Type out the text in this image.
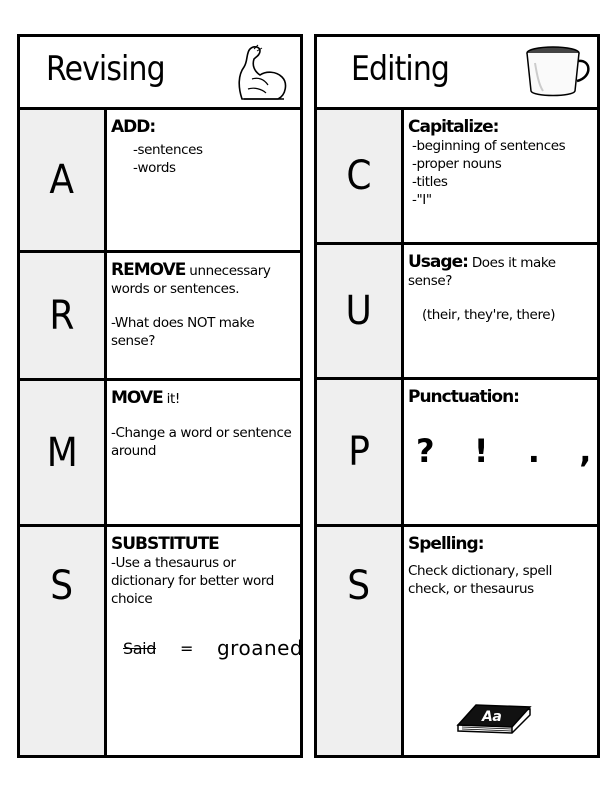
Revising
A
ADD:
-sentences
-words
R
REMOVE unnecessary
words or sentences.
-What does NOT make
sense?
M
MOVE it!
-Change a word or sentence
around
S
SUBSTITUTE
-Use a thesaurus or
dictionary for better word
choice
Said = groaned
Editing
C
Capitalize:
-beginning of sentences
-proper nouns
-titles
-"I"
U
Usage: Does it make
sense?
(their, they're, there)
P
Punctuation:
? ! . ,
S
Spelling:
Check dictionary, spell
check, or thesaurus
Aa
